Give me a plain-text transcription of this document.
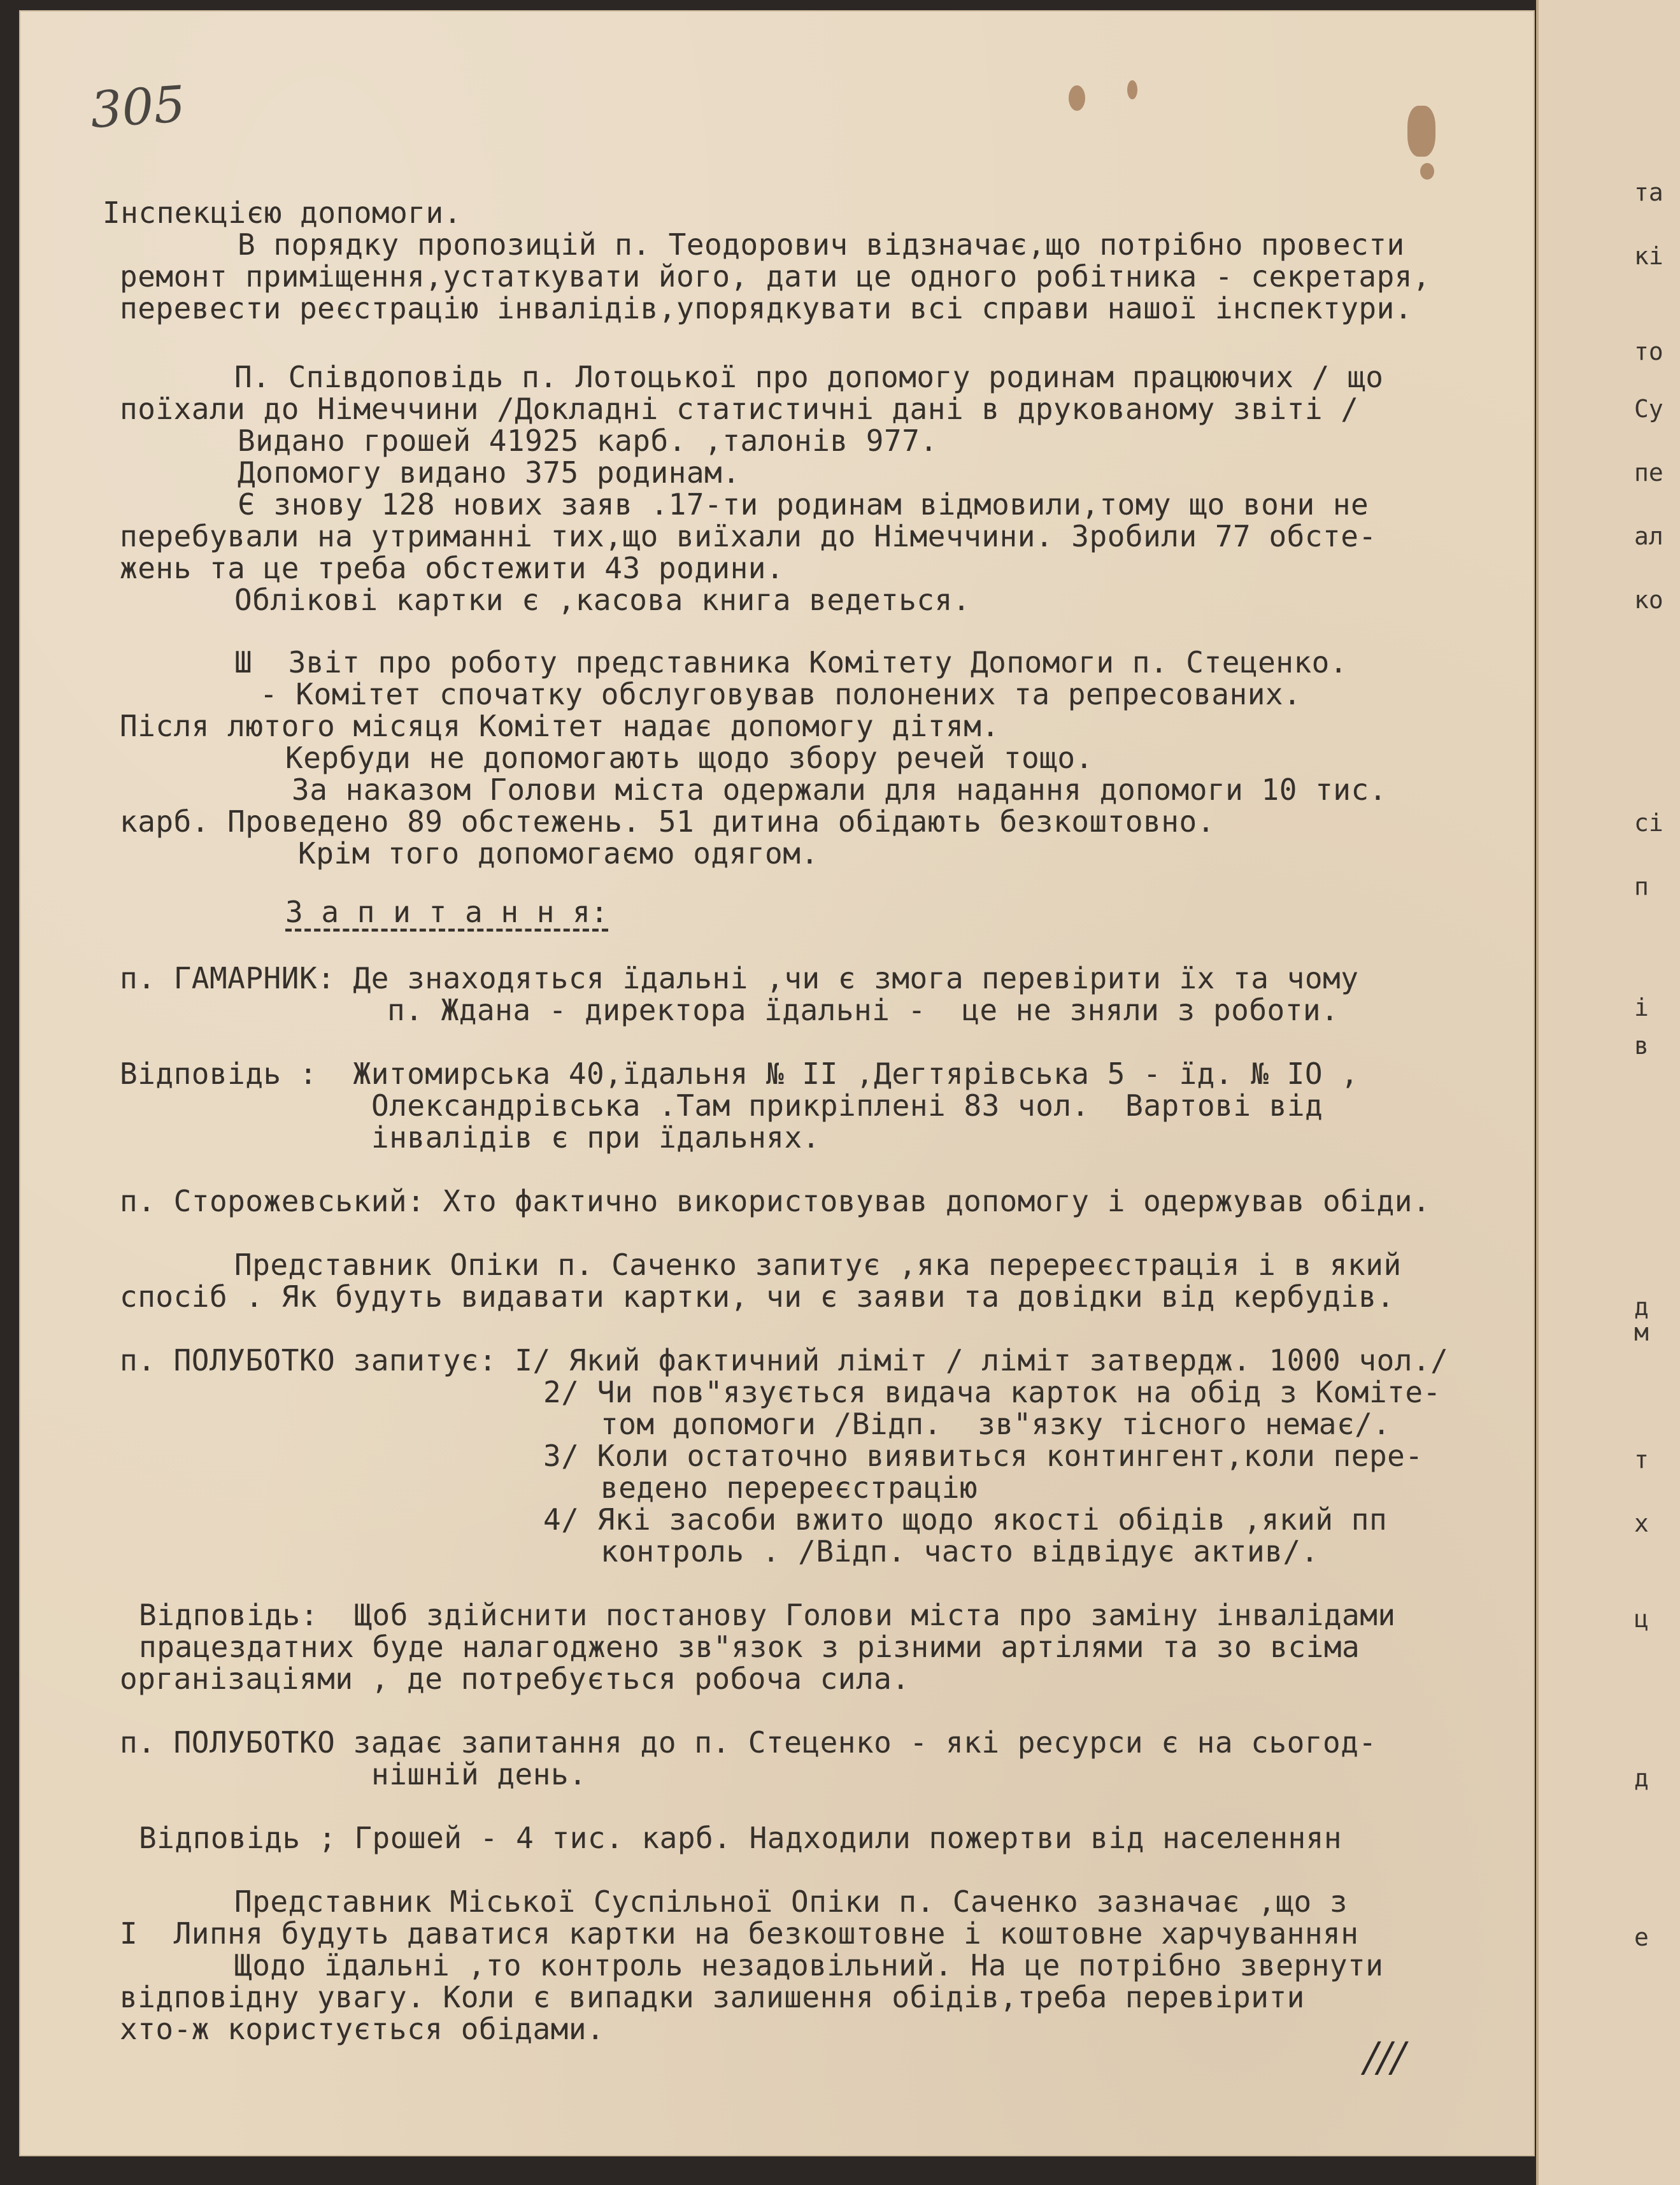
305
Інспекцією допомоги.
В порядку пропозицій п. Теодорович відзначає,що потрібно провести
ремонт приміщення,устаткувати його, дати це одного робітника - секретаря,
перевести реєстрацію інвалідів,упорядкувати всі справи нашої інспектури.
П. Співдоповідь п. Лотоцької про допомогу родинам працюючих / що
поїхали до Німеччини /Докладні статистичні дані в друкованому звіті /
Видано грошей 41925 карб. ,талонів 977.
Допомогу видано 375 родинам.
Є знову 128 нових заяв .17-ти родинам відмовили,тому що вони не
перебували на утриманні тих,що виїхали до Німеччини. Зробили 77 обсте-
жень та це треба обстежити 43 родини.
Облікові картки є ,касова книга ведеться.
Ш  Звіт про роботу представника Комітету Допомоги п. Стеценко.
- Комітет спочатку обслуговував полонених та репресованих.
Після лютого місяця Комітет надає допомогу дітям.
Кербуди не допомогають щодо збору речей тощо.
За наказом Голови міста одержали для надання допомоги 10 тис.
карб. Проведено 89 обстежень. 51 дитина обідають безкоштовно.
Крім того допомогаємо одягом.
З а п и т а н н я:
п. ГАМАРНИК: Де знаходяться їдальні ,чи є змога перевірити їх та чому
п. Ждана - директора їдальні -  це не зняли з роботи.
Відповідь :  Житомирська 40,їдальня № ІІ ,Дегтярівська 5 - їд. № ІО ,
Олександрівська .Там прикріплені 83 чол.  Вартові від
інвалідів є при їдальнях.
п. Сторожевський: Хто фактично використовував допомогу і одержував обіди.
Представник Опіки п. Саченко запитує ,яка перереєстрація і в який
спосіб . Як будуть видавати картки, чи є заяви та довідки від кербудів.
п. ПОЛУБОТКО запитує: І/ Який фактичний ліміт / ліміт затвердж. 1000 чол./
2/ Чи пов"язується видача карток на обід з Коміте-
том допомоги /Відп.  зв"язку тісного немає/.
3/ Коли остаточно виявиться контингент,коли пере-
ведено перереєстрацію
4/ Які засоби вжито щодо якості обідів ,який пп
контроль . /Відп. часто відвідує актив/.
Відповідь:  Щоб здійснити постанову Голови міста про заміну інвалідами
працездатних буде налагоджено зв"язок з різними артілями та зо всіма
організаціями , де потребується робоча сила.
п. ПОЛУБОТКО задає запитання до п. Стеценко - які ресурси є на сьогод-
нішній день.
Відповідь ; Грошей - 4 тис. карб. Надходили пожертви від населеннян
Представник Міської Суспільної Опіки п. Саченко зазначає ,що з
І  Липня будуть даватися картки на безкоштовне і коштовне харчуваннян
Щодо їдальні ,то контроль незадовільний. На це потрібно звернути
відповідну увагу. Коли є випадки залишення обідів,треба перевірити
хто-ж користується обідами.
///
та
кі
то
Су
пе
ал
ко
сі
п
і
в
д
м
т
х
ц
д
е
